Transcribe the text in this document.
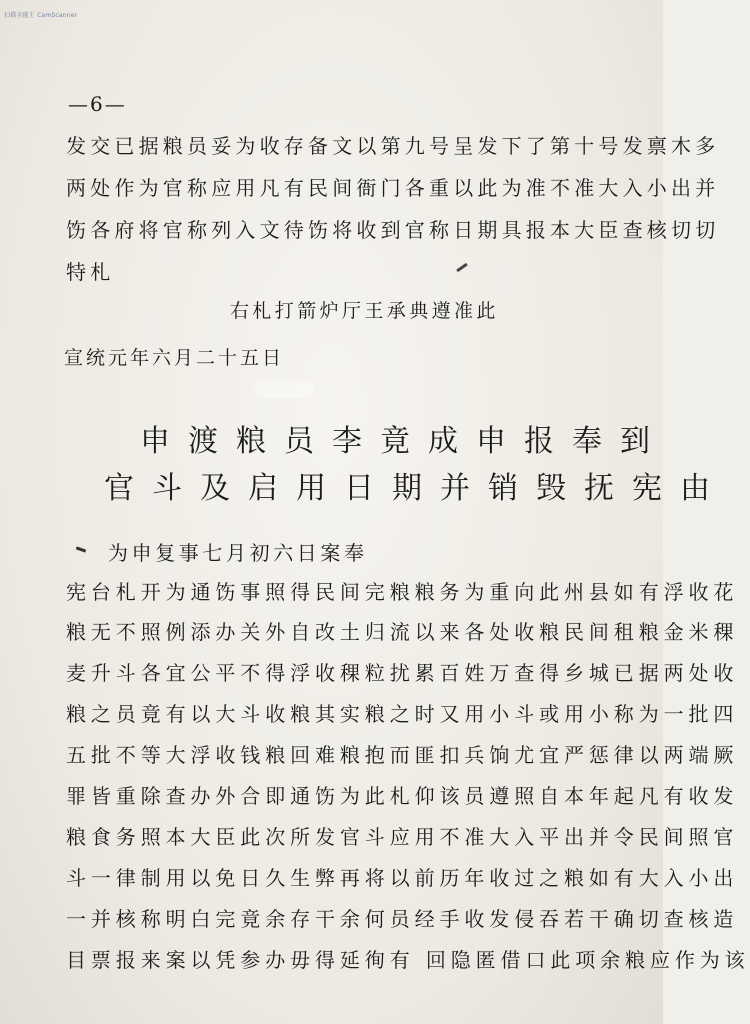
扫描全能王 CamScanner
—6—
发交已据粮员妥为收存备文以第九号呈发下了第十号发禀木多
两处作为官称应用凡有民间衙门各重以此为准不准大入小出并
饬各府将官称列入文待饬将收到官称日期具报本大臣查核切切
特札
右札打箭炉厅王承典遵准此
宣统元年六月二十五日
申渡粮员李竟成申报奉到
官斗及启用日期并销毁抚宪由
为申复事七月初六日案奉
宪台札开为通饬事照得民间完粮粮务为重向此州县如有浮收花
粮无不照例添办关外自改土归流以来各处收粮民间租粮金米稞
麦升斗各宜公平不得浮收稞粒扰累百姓万查得乡城已据两处收
粮之员竟有以大斗收粮其实粮之时又用小斗或用小称为一批四
五批不等大浮收钱粮回难粮抱而匪扣兵饷尤宜严惩律以两端厥
罪皆重除查办外合即通饬为此札仰该员遵照自本年起凡有收发
粮食务照本大臣此次所发官斗应用不准大入平出并令民间照官
斗一律制用以免日久生弊再将以前历年收过之粮如有大入小出
一并核称明白完竟余存干余何员经手收发侵吞若干确切查核造
目票报来案以凭参办毋得延徇有 回隐匿借口此项余粮应作为该
